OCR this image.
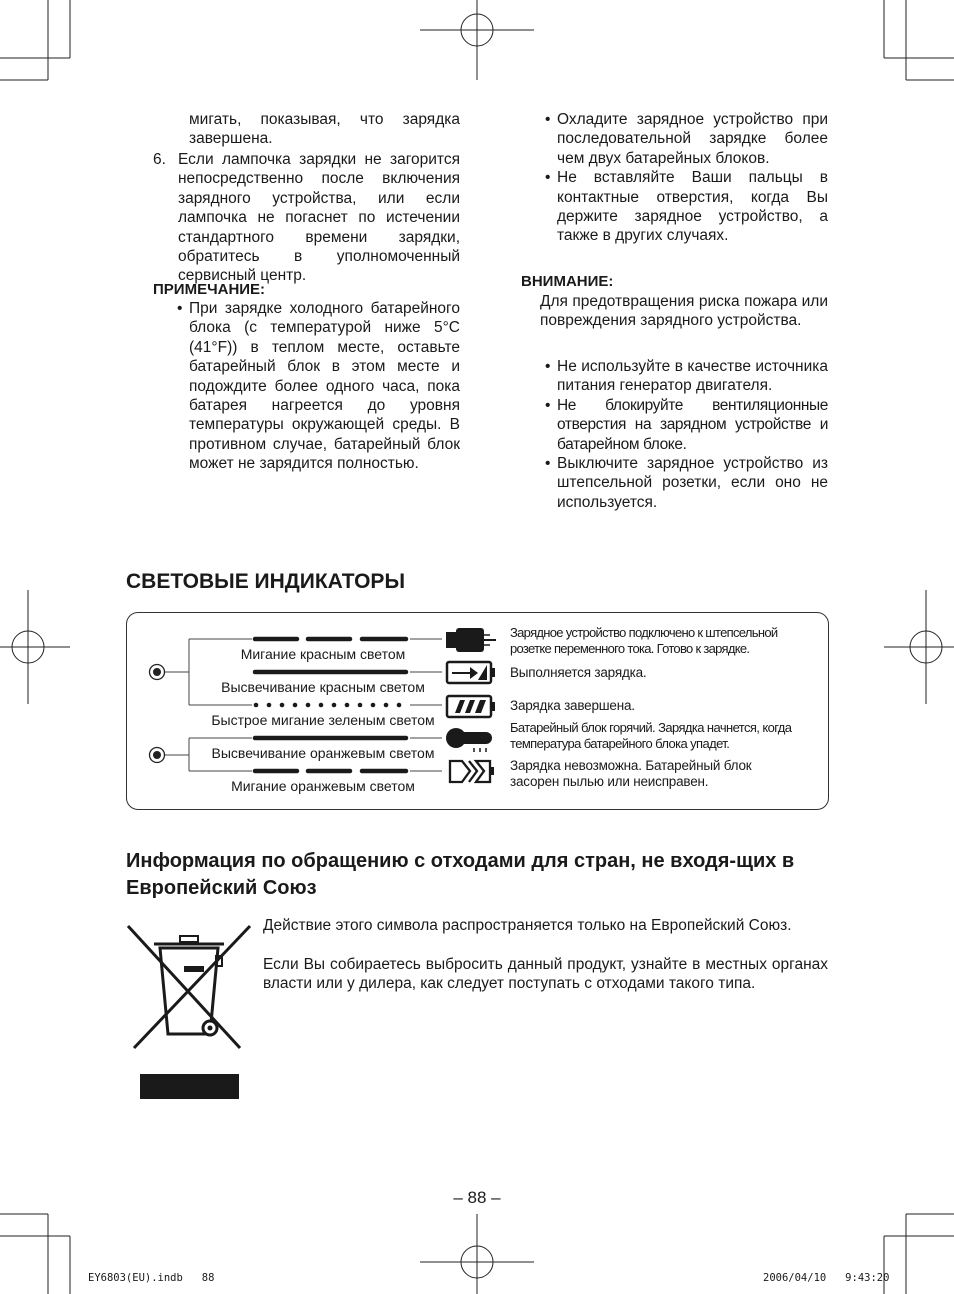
мигать, показывая, что зарядка завершена.

6. Если лампочка зарядки не загорится непосредственно после включения зарядного устройства, или если лампочка не погаснет по истечении стандартного времени зарядки, обратитесь в уполномоченный сервисный центр.

ПРИМЕЧАНИЕ:
• При зарядке холодного батарейного блока (с температурой ниже 5°C (41°F)) в теплом месте, оставьте батарейный блок в этом месте и подождите более одного часа, пока батарея нагреется до уровня температуры окружающей среды. В противном случае, батарейный блок может не зарядится полностью.

• Охладите зарядное устройство при последовательной зарядке более чем двух батарейных блоков.

• Не вставляйте Ваши пальцы в контактные отверстия, когда Вы держите зарядное устройство, а также в других случаях.

ВНИМАНИЕ:

Для предотвращения риска пожара или повреждения зарядного устройства.

• Не используйте в качестве источника питания генератор двигателя.

• Не блокируйте вентиляционные отверстия на зарядном устройстве и батарейном блоке.

• Выключите зарядное устройство из штепсельной розетки, если оно не используется.

СВЕТОВЫЕ ИНДИКАТОРЫ
Мигание красным светом
Высвечивание красным светом
Быстрое мигание зеленым светом
Высвечивание оранжевым светом
Мигание оранжевым светом
Зарядное устройство подключено к штепсельной розетке переменного тока. Готово к зарядке.
Выполняется зарядка.
Зарядка завершена.
Батарейный блок горячий. Зарядка начнется, когда температура батарейного блока упадет.
Зарядка невозможна. Батарейный блок засорен пылью или неисправен.
Информация по обращению с отходами для стран, не входя-щих в Европейский Союз

Действие этого символа распространяется только на Европейский Союз.

Если Вы собираетесь выбросить данный продукт, узнайте в местных органах власти или у дилера, как следует поступать с отходами такого типа.

– 88 –
EY6803(EU).indb   88	2006/04/10   9:43:20
